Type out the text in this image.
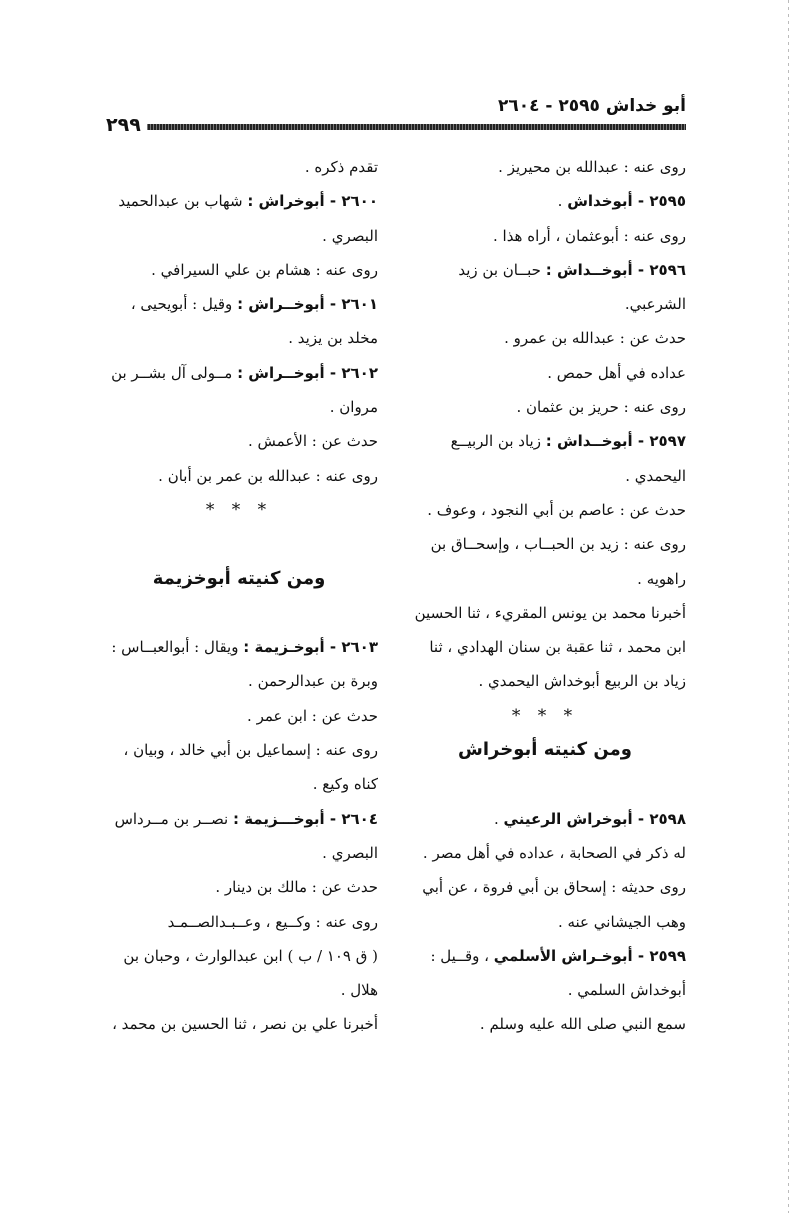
أبو خداش ٢٥٩٥ - ٢٦٠٤
٢٩٩
روى عنه : عبدالله بن محيريز .
٢٥٩٥ - أبوخداش .
روى عنه : أبوعثمان ، أراه هذا .
٢٥٩٦ - أبوخــداش : حبــان بن زيد
الشرعبي.
حدث عن : عبدالله بن عمرو .
عداده في أهل حمص .
روى عنه : حريز بن عثمان .
٢٥٩٧ - أبوخــداش : زياد بن الربيــع
اليحمدي .
حدث عن : عاصم بن أبي النجود ، وعوف .
روى عنه : زيد بن الحبــاب ، وإسحــاق بن
راهويه .
أخبرنا محمد بن يونس المقريء ، ثنا الحسين
ابن محمد ، ثنا عقبة بن سنان الهدادي ، ثنا
زياد بن الربيع أبوخداش اليحمدي .
* * *
ومن كنيته أبوخراش
٢٥٩٨ - أبوخراش الرعيني .
له ذكر في الصحابة ، عداده في أهل مصر .
روى حديثه : إسحاق بن أبي فروة ، عن أبي
وهب الجيشاني عنه .
٢٥٩٩ - أبوخـراش الأسلمي ، وقــيل :
أبوخداش السلمي .
سمع النبي صلى الله عليه وسلم .
تقدم ذكره .
٢٦٠٠ - أبوخراش : شهاب بن عبدالحميد
البصري .
روى عنه : هشام بن علي السيرافي .
٢٦٠١ - أبوخــراش : وقيل : أبويحيى ،
مخلد بن يزيد .
٢٦٠٢ - أبوخــراش : مــولى آل بشــر بن
مروان .
حدث عن : الأعمش .
روى عنه : عبدالله بن عمر بن أبان .
* * *
ومن كنيته أبوخزيمة
٢٦٠٣ - أبوخـزيمة : ويقال : أبوالعبــاس :
وبرة بن عبدالرحمن .
حدث عن : ابن عمر .
روى عنه : إسماعيل بن أبي خالد ، وبيان ،
كناه وكيع .
٢٦٠٤ - أبوخـــزيمة : نصــر بن مــرداس
البصري .
حدث عن : مالك بن دينار .
روى عنه : وكــيع ، وعــبـدالصــمـد
( ق ١٠٩ / ب ) ابن عبدالوارث ، وحبان بن
هلال .
أخبرنا علي بن نصر ، ثنا الحسين بن محمد ،
